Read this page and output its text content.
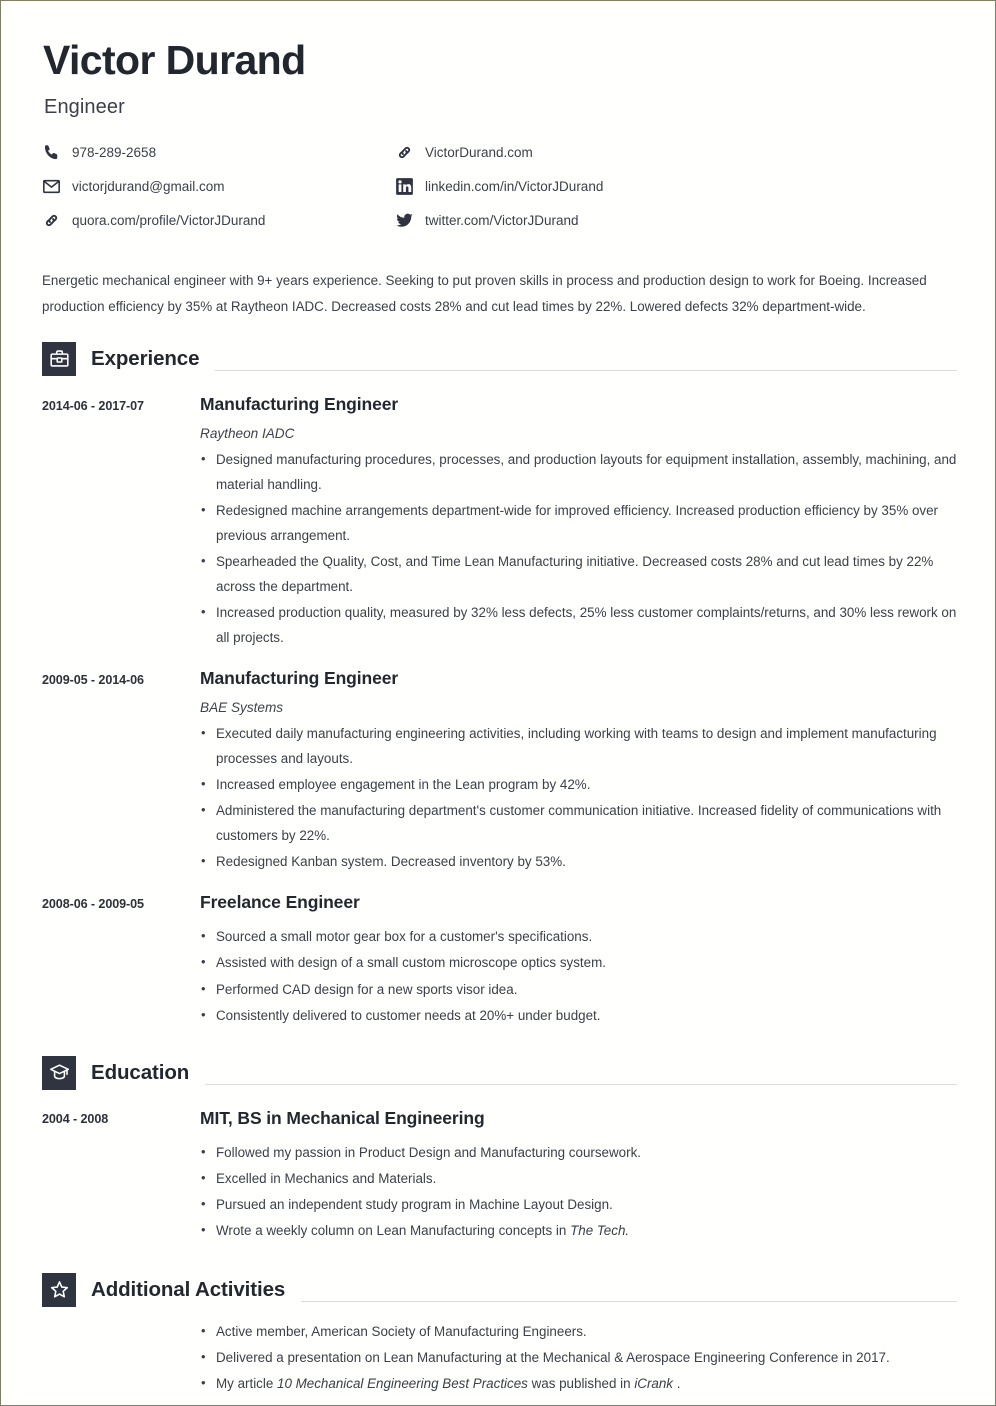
Victor Durand
Engineer
978-289-2658	VictorDurand.com
victorjdurand@gmail.com	linkedin.com/in/VictorJDurand
quora.com/profile/VictorJDurand	twitter.com/VictorJDurand
Energetic mechanical engineer with 9+ years experience. Seeking to put proven skills in process and production design to work for Boeing. Increased production efficiency by 35% at Raytheon IADC. Decreased costs 28% and cut lead times by 22%. Lowered defects 32% department-wide.
Experience
2014-06 - 2017-07	Manufacturing Engineer
Raytheon IADC
• Designed manufacturing procedures, processes, and production layouts for equipment installation, assembly, machining, and material handling.
• Redesigned machine arrangements department-wide for improved efficiency. Increased production efficiency by 35% over previous arrangement.
• Spearheaded the Quality, Cost, and Time Lean Manufacturing initiative. Decreased costs 28% and cut lead times by 22% across the department.
• Increased production quality, measured by 32% less defects, 25% less customer complaints/returns, and 30% less rework on all projects.
2009-05 - 2014-06	Manufacturing Engineer
BAE Systems
• Executed daily manufacturing engineering activities, including working with teams to design and implement manufacturing processes and layouts.
• Increased employee engagement in the Lean program by 42%.
• Administered the manufacturing department's customer communication initiative. Increased fidelity of communications with customers by 22%.
• Redesigned Kanban system. Decreased inventory by 53%.
2008-06 - 2009-05	Freelance Engineer
• Sourced a small motor gear box for a customer's specifications.
• Assisted with design of a small custom microscope optics system.
• Performed CAD design for a new sports visor idea.
• Consistently delivered to customer needs at 20%+ under budget.
Education
2004 - 2008	MIT, BS in Mechanical Engineering
• Followed my passion in Product Design and Manufacturing coursework.
• Excelled in Mechanics and Materials.
• Pursued an independent study program in Machine Layout Design.
• Wrote a weekly column on Lean Manufacturing concepts in The Tech.
Additional Activities
• Active member, American Society of Manufacturing Engineers.
• Delivered a presentation on Lean Manufacturing at the Mechanical & Aerospace Engineering Conference in 2017.
• My article 10 Mechanical Engineering Best Practices was published in iCrank .
